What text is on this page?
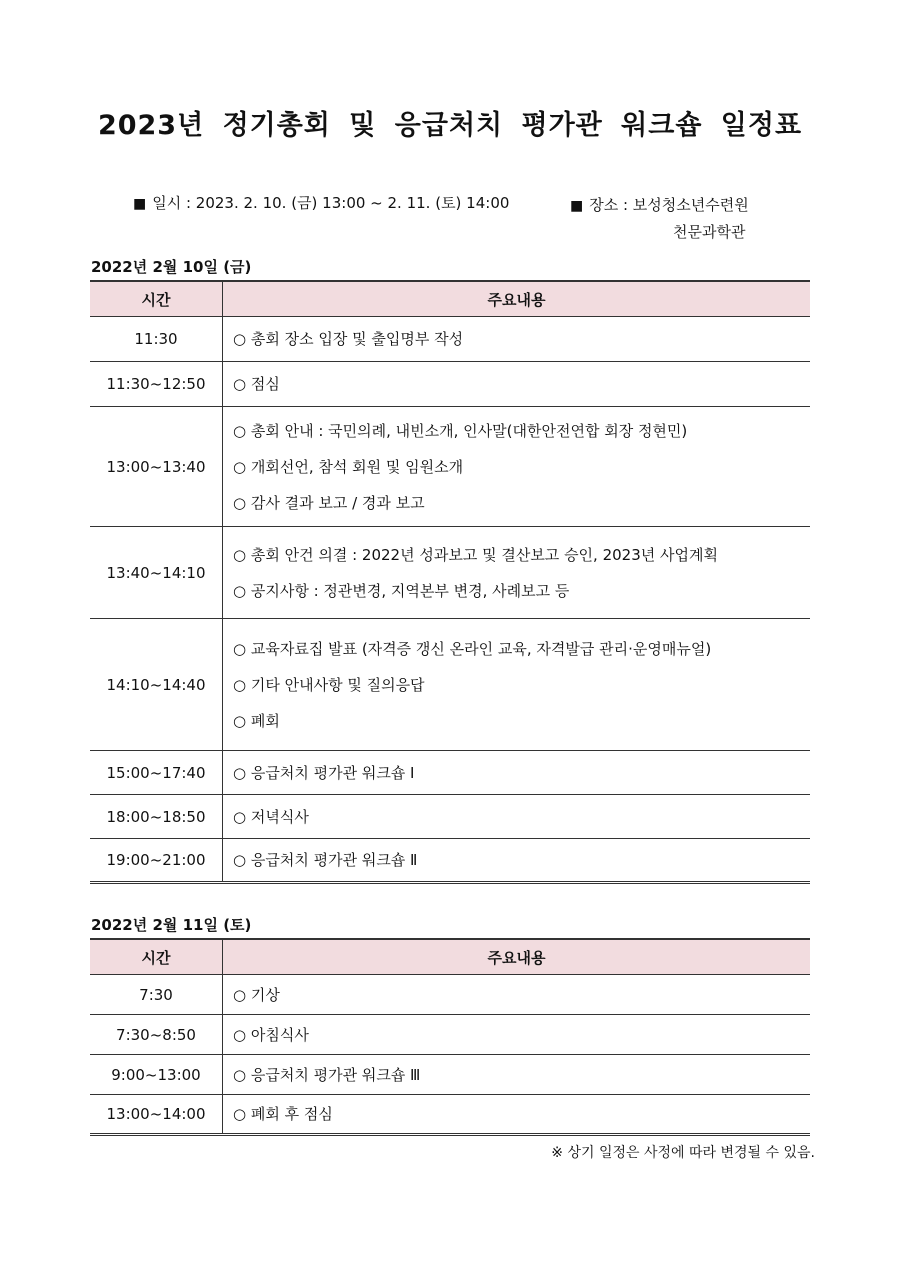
2023년 정기총회 및 응급처치 평가관 워크숍 일정표
■ 일시 : 2023. 2. 10. (금) 13:00 ~ 2. 11. (토) 14:00	■ 장소 : 보성청소년수련원
천문과학관
2022년 2월 10일 (금)
시간	주요내용
11:30	○ 총회 장소 입장 및 출입명부 작성

11:30~12:50	○ 점심

13:00~13:40	○ 총회 안내 : 국민의례, 내빈소개, 인사말(대한안전연합 회장 정현민)
○ 개회선언, 참석 회원 및 임원소개
○ 감사 결과 보고 / 경과 보고

13:40~14:10	○ 총회 안건 의결 : 2022년 성과보고 및 결산보고 승인, 2023년 사업계획
○ 공지사항 : 정관변경, 지역본부 변경, 사례보고 등

14:10~14:40	○ 교육자료집 발표 (자격증 갱신 온라인 교육, 자격발급 관리·운영매뉴얼)
○ 기타 안내사항 및 질의응답
○ 폐회

15:00~17:40	○ 응급처치 평가관 워크숍 Ⅰ

18:00~18:50	○ 저녁식사

19:00~21:00	○ 응급처치 평가관 워크숍 Ⅱ
2022년 2월 11일 (토)
시간	주요내용
7:30	○ 기상

7:30~8:50	○ 아침식사

9:00~13:00	○ 응급처치 평가관 워크숍 Ⅲ

13:00~14:00	○ 폐회 후 점심
※ 상기 일정은 사정에 따라 변경될 수 있음.
